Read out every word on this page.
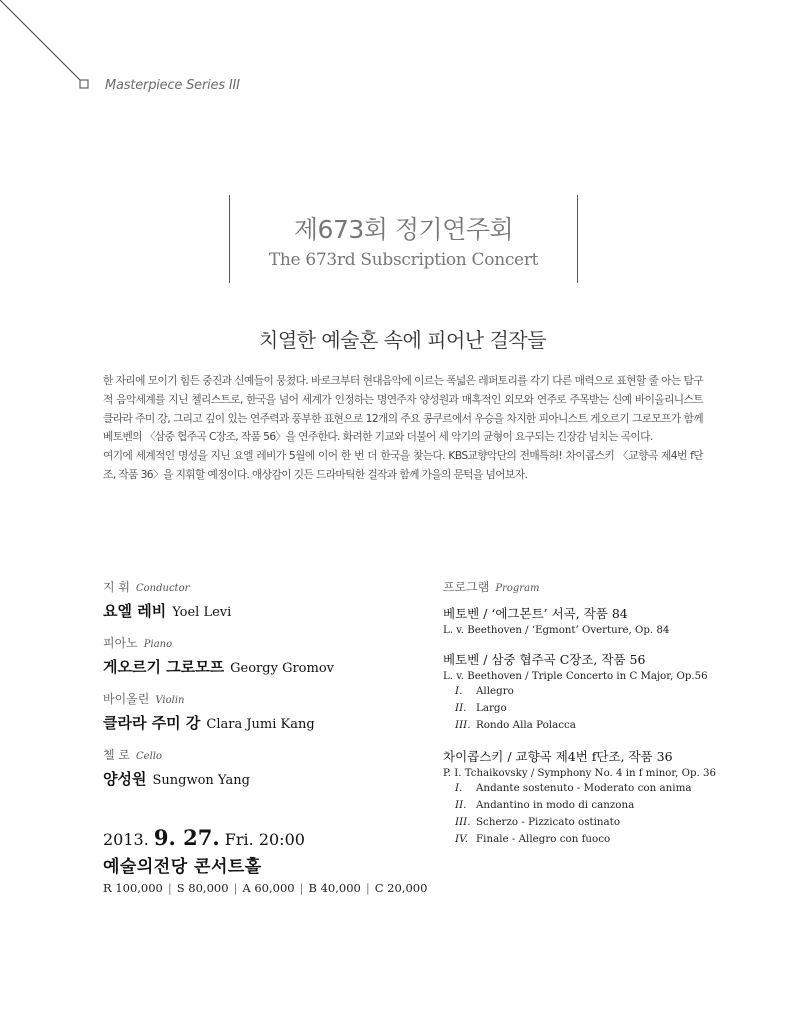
Masterpiece Series III
제673회 정기연주회
The 673rd Subscription Concert
치열한 예술혼 속에 피어난 걸작들

한 자리에 모이기 힘든 중진과 신예들이 뭉쳤다. 바로크부터 현대음악에 이르는 폭넓은 레퍼토리를 각기 다른 매력으로 표현할 줄 아는 탐구적 음악세계를 지닌 첼리스트로, 한국을 넘어 세계가 인정하는 명연주자 양성원과 매혹적인 외모와 연주로 주목받는 신예 바이올리니스트 클라라 주미 강, 그리고 깊이 있는 연주력과 풍부한 표현으로 12개의 주요 콩쿠르에서 우승을 차지한 피아니스트 게오르기 그로모프가 함께 베토벤의 〈삼중 협주곡 C장조, 작품 56〉을 연주한다. 화려한 기교와 더불어 세 악기의 균형이 요구되는 긴장감 넘치는 곡이다.

여기에 세계적인 명성을 지닌 요엘 레비가 5월에 이어 한 번 더 한국을 찾는다. KBS교향악단의 전매특허! 차이콥스키 〈교향곡 제4번 f단조, 작품 36〉을 지휘할 예정이다. 애상감이 깃든 드라마틱한 걸작과 함께 가을의 문턱을 넘어보자.

지 휘 Conductor
요엘 레비 Yoel Levi
피아노 Piano
게오르기 그로모프 Georgy Gromov
바이올린 Violin
클라라 주미 강 Clara Jumi Kang
첼 로 Cello
양성원 Sungwon Yang
2013. 9. 27. Fri. 20:00
예술의전당 콘서트홀
R 100,000 | S 80,000 | A 60,000 | B 40,000 | C 20,000
프로그램 Program
베토벤 / ‘에그몬트’ 서곡, 작품 84
L. v. Beethoven / ‘Egmont’ Overture, Op. 84
베토벤 / 삼중 협주곡 C장조, 작품 56
L. v. Beethoven / Triple Concerto in C Major, Op.56
I. Allegro
II. Largo
III. Rondo Alla Polacca
차이콥스키 / 교향곡 제4번 f단조, 작품 36
P. I. Tchaikovsky / Symphony No. 4 in f minor, Op. 36
I. Andante sostenuto - Moderato con anima
II. Andantino in modo di canzona
III. Scherzo - Pizzicato ostinato
IV. Finale - Allegro con fuoco
